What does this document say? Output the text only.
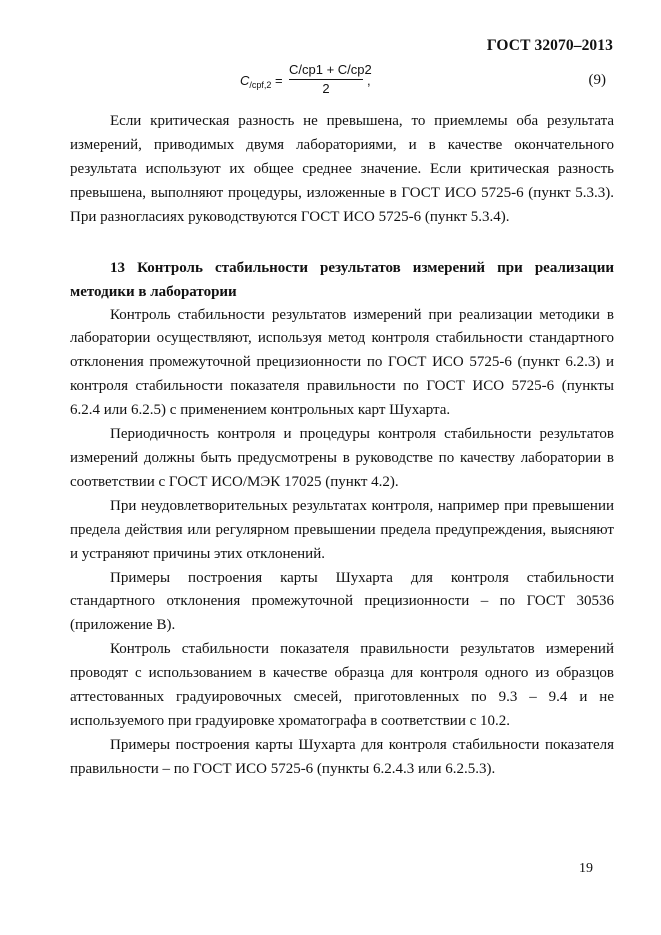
ГОСТ 32070–2013
$C_{/срf,2}$ =
C/ср1 + C/ср2
2
,	(9)

Если критическая разность не превышена, то приемлемы оба результата измерений, приводимых двумя лабораториями, и в качестве окончательного результата используют их общее среднее значение. Если критическая разность превышена, выполняют процедуры, изложенные в ГОСТ ИСО 5725-6 (пункт 5.3.3). При разногласиях руководствуются ГОСТ ИСО 5725-6 (пункт 5.3.4).

13 Контроль стабильности результатов измерений при реализации методики в лаборатории

Контроль стабильности результатов измерений при реализации методики в лаборатории осуществляют, используя метод контроля стабильности стандартного отклонения промежуточной прецизионности по ГОСТ ИСО 5725-6 (пункт 6.2.3) и контроля стабильности показателя правильности по ГОСТ ИСО 5725-6 (пункты 6.2.4 или 6.2.5) с применением контрольных карт Шухарта.

Периодичность контроля и процедуры контроля стабильности результатов измерений должны быть предусмотрены в руководстве по качеству лаборатории в соответствии с ГОСТ ИСО/МЭК 17025 (пункт 4.2).

При неудовлетворительных результатах контроля, например при превышении предела действия или регулярном превышении предела предупреждения, выясняют и устраняют причины этих отклонений.

Примеры построения карты Шухарта для контроля стабильности стандартного отклонения промежуточной прецизионности – по ГОСТ 30536 (приложение В).

Контроль стабильности показателя правильности результатов измерений проводят с использованием в качестве образца для контроля одного из образцов аттестованных градуировочных смесей, приготовленных по 9.3 – 9.4 и не используемого при градуировке хроматографа в соответствии с 10.2.

Примеры построения карты Шухарта для контроля стабильности показателя правильности – по ГОСТ ИСО 5725-6 (пункты 6.2.4.3 или 6.2.5.3).

19
